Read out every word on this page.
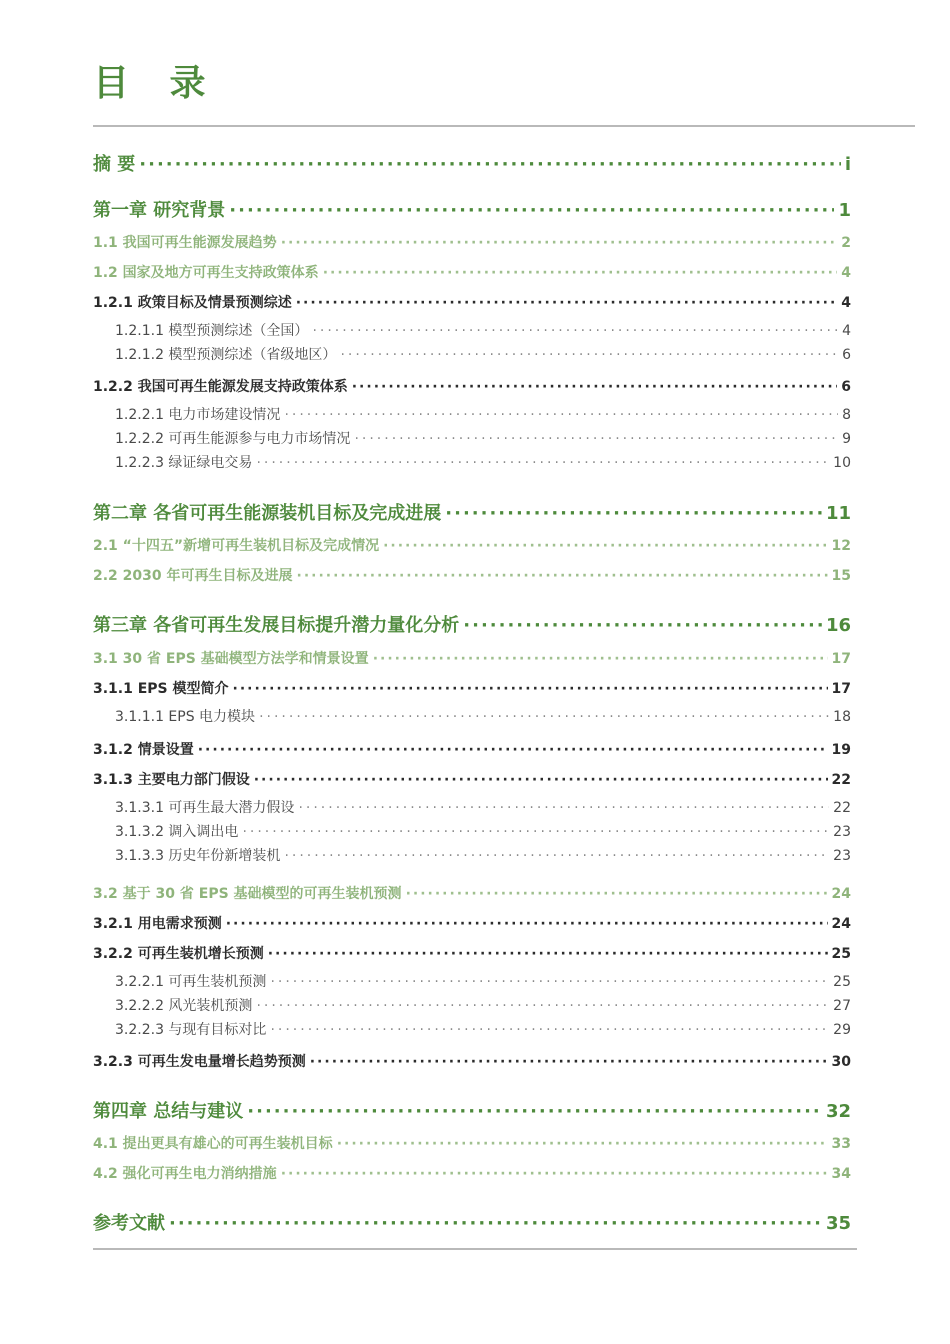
目 录
摘 要 ·····	i
第一章 研究背景 ·····	1
1.1 我国可再生能源发展趋势 ·····	2
1.2 国家及地方可再生支持政策体系 ·····	4
1.2.1 政策目标及情景预测综述 ·····	4
1.2.1.1 模型预测综述（全国） ·····	4
1.2.1.2 模型预测综述（省级地区） ·····	6
1.2.2 我国可再生能源发展支持政策体系 ·····	6
1.2.2.1 电力市场建设情况 ·····	8
1.2.2.2 可再生能源参与电力市场情况 ·····	9
1.2.2.3 绿证绿电交易 ·····	10
第二章 各省可再生能源装机目标及完成进展 ·····	11
2.1 “十四五”新增可再生装机目标及完成情况 ·····	12
2.2 2030 年可再生目标及进展 ·····	15
第三章 各省可再生发展目标提升潜力量化分析 ·····	16
3.1 30 省 EPS 基础模型方法学和情景设置 ·····	17
3.1.1 EPS 模型简介 ·····	17
3.1.1.1 EPS 电力模块 ·····	18
3.1.2 情景设置 ·····	19
3.1.3 主要电力部门假设 ·····	22
3.1.3.1 可再生最大潜力假设 ·····	22
3.1.3.2 调入调出电 ·····	23
3.1.3.3 历史年份新增装机 ·····	23
3.2 基于 30 省 EPS 基础模型的可再生装机预测 ·····	24
3.2.1 用电需求预测 ·····	24
3.2.2 可再生装机增长预测 ·····	25
3.2.2.1 可再生装机预测 ·····	25
3.2.2.2 风光装机预测 ·····	27
3.2.2.3 与现有目标对比 ·····	29
3.2.3 可再生发电量增长趋势预测 ·····	30
第四章 总结与建议 ·····	32
4.1 提出更具有雄心的可再生装机目标 ·····	33
4.2 强化可再生电力消纳措施 ·····	34
参考文献 ·····	35
